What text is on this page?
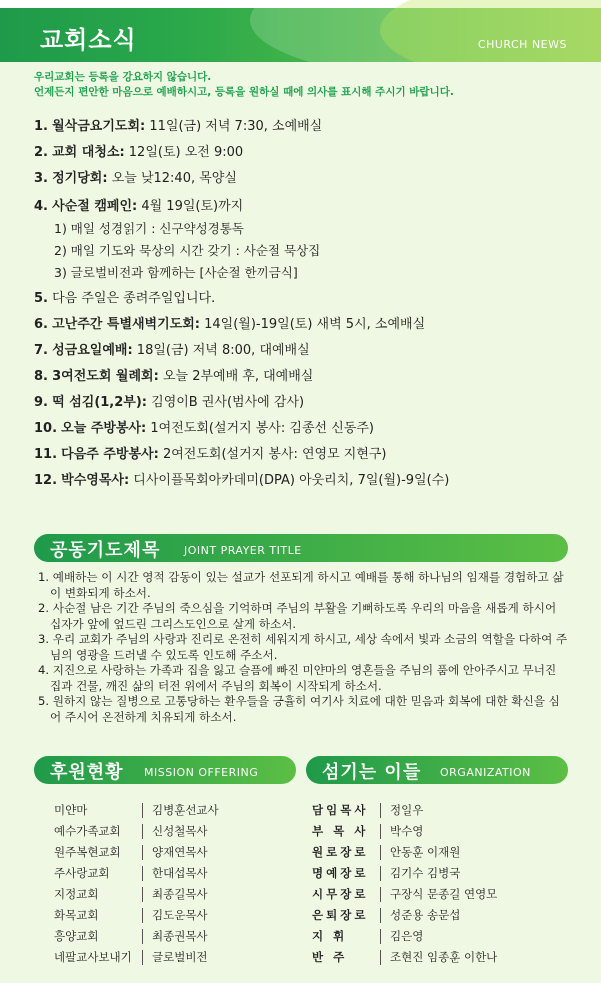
교회소식	CHURCH NEWS
우리교회는 등록을 강요하지 않습니다.
언제든지 편안한 마음으로 예배하시고, 등록을 원하실 때에 의사를 표시해 주시기 바랍니다.
1. 월삭금요기도회: 11일(금) 저녁 7:30, 소예배실
2. 교회 대청소: 12일(토) 오전 9:00
3. 정기당회: 오늘 낮12:40, 목양실
4. 사순절 캠페인: 4월 19일(토)까지
1) 매일 성경읽기 : 신구약성경통독
2) 매일 기도와 묵상의 시간 갖기 : 사순절 묵상집
3) 글로벌비전과 함께하는 [사순절 한끼금식]
5. 다음 주일은 종려주일입니다.
6. 고난주간 특별새벽기도회: 14일(월)-19일(토) 새벽 5시, 소예배실
7. 성금요일예배: 18일(금) 저녁 8:00, 대예배실
8. 3여전도회 월례회: 오늘 2부예배 후, 대예배실
9. 떡 섬김(1,2부): 김영이B 권사(범사에 감사)
10. 오늘 주방봉사: 1여전도회(설거지 봉사: 김종선 신동주)
11. 다음주 주방봉사: 2여전도회(설거지 봉사: 연영모 지현구)
12. 박수영목사: 디사이플목회아카데미(DPA) 아웃리치, 7일(월)-9일(수)
공동기도제목 JOINT PRAYER TITLE

1. 예배하는 이 시간 영적 감동이 있는 설교가 선포되게 하시고 예배를 통해 하나님의 임재를 경험하고 삶이 변화되게 하소서.

2. 사순절 남은 기간 주님의 죽으심을 기억하며 주님의 부활을 기뻐하도록 우리의 마음을 새롭게 하시어 십자가 앞에 엎드린 그리스도인으로 살게 하소서.

3. 우리 교회가 주님의 사랑과 진리로 온전히 세워지게 하시고, 세상 속에서 빛과 소금의 역할을 다하여 주님의 영광을 드러낼 수 있도록 인도해 주소서.

4. 지진으로 사랑하는 가족과 집을 잃고 슬픔에 빠진 미얀마의 영혼들을 주님의 품에 안아주시고 무너진 집과 건물, 깨진 삶의 터전 위에서 주님의 회복이 시작되게 하소서.

5. 원하지 않는 질병으로 고통당하는 환우들을 긍휼히 여기사 치료에 대한 믿음과 회복에 대한 확신을 심어 주시어 온전하게 치유되게 하소서.

후원현황 MISSION OFFERING	섬기는 이들 ORGANIZATION
미얀마	김병훈선교사
예수가족교회	신성철목사
원주복현교회	양재연목사
주사랑교회	한대섭목사
지정교회	최종길목사
화목교회	김도운목사
흥양교회	최종권목사
네팔교사보내기 글로벌비전
담임목사 정일우
부 목 사 박수영
원로장로 안동훈 이재원
명예장로 김기수 김병국
시무장로 구장식 문종길 연영모
은퇴장로 성준용 송문섭
지 휘	김은영
반 주	조현진 임종훈 이한나
